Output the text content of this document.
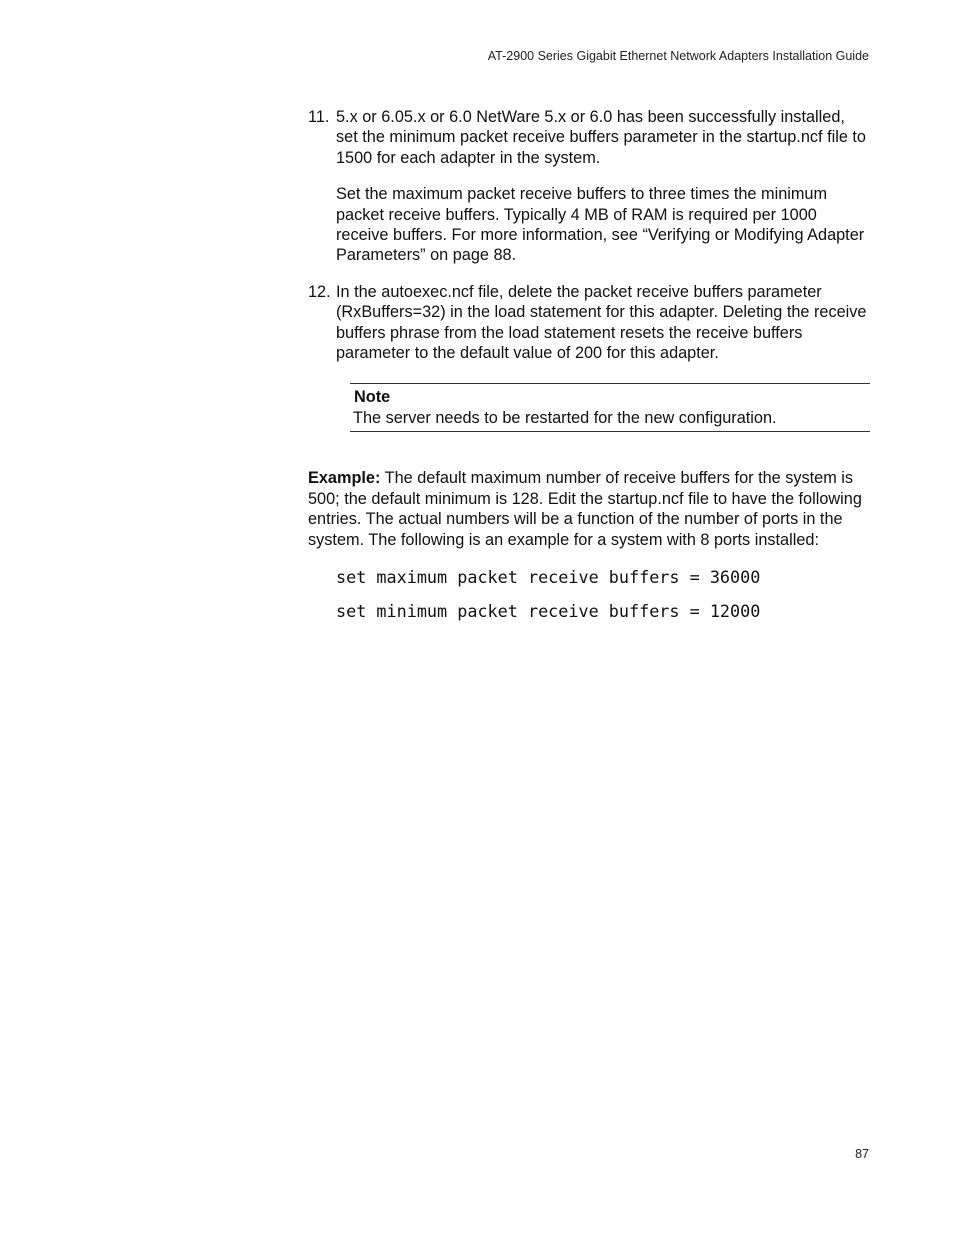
AT-2900 Series Gigabit Ethernet Network Adapters Installation Guide
11. 5.x or 6.05.x or 6.0 NetWare 5.x or 6.0 has been successfully installed, set the minimum packet receive buffers parameter in the startup.ncf file to 1500 for each adapter in the system.

Set the maximum packet receive buffers to three times the minimum packet receive buffers. Typically 4 MB of RAM is required per 1000 receive buffers. For more information, see “Verifying or Modifying Adapter Parameters” on page 88.

12. In the autoexec.ncf file, delete the packet receive buffers parameter (RxBuffers=32) in the load statement for this adapter. Deleting the receive buffers phrase from the load statement resets the receive buffers parameter to the default value of 200 for this adapter.

Note
The server needs to be restarted for the new configuration.
Example: The default maximum number of receive buffers for the system is 500; the default minimum is 128. Edit the startup.ncf file to have the following entries. The actual numbers will be a function of the number of ports in the system. The following is an example for a system with 8 ports installed:
set maximum packet receive buffers = 36000
set minimum packet receive buffers = 12000
87
